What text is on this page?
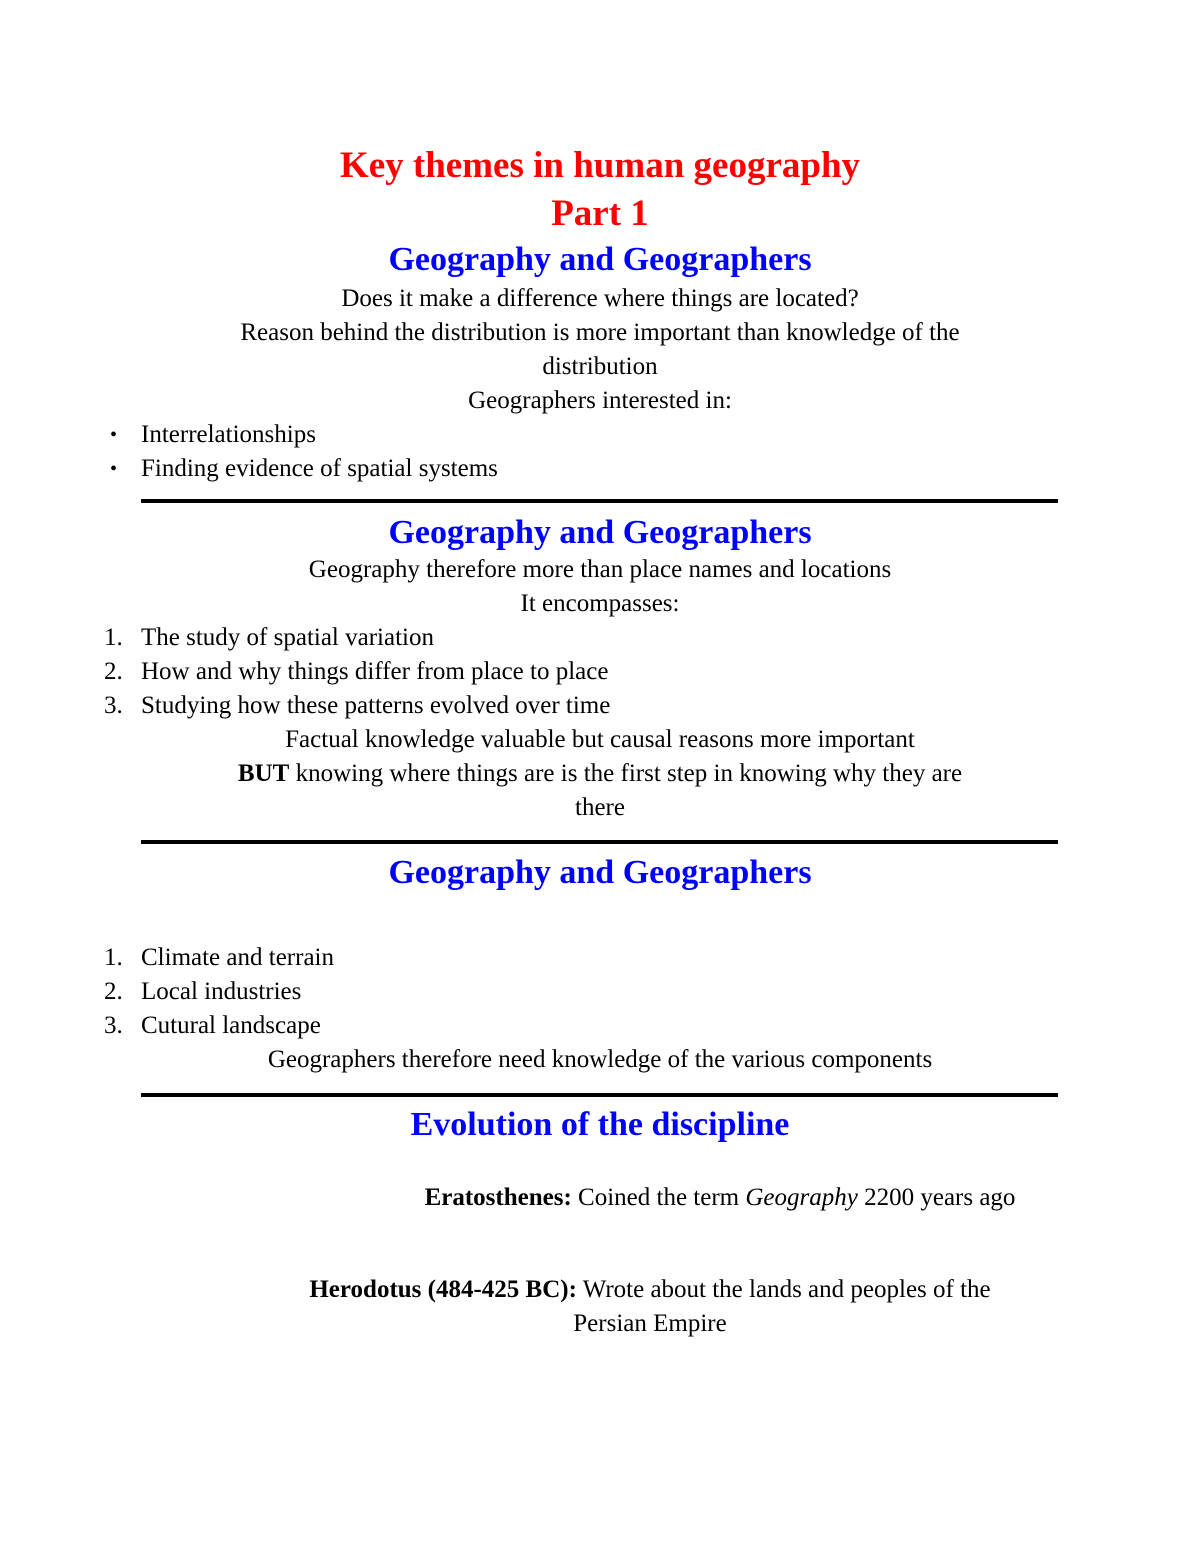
Key themes in human geography

Part 1

Geography and Geographers

Does it make a difference where things are located?

Reason behind the distribution is more important than knowledge of the

distribution

Geographers interested in:

• Interrelationships
• Finding evidence of spatial systems

Geography and Geographers

Geography therefore more than place names and locations

It encompasses:

1. The study of spatial variation
2. How and why things differ from place to place
3. Studying how these patterns evolved over time

Factual knowledge valuable but causal reasons more important

BUT knowing where things are is the first step in knowing why they are

there

Geography and Geographers

1. Climate and terrain
2. Local industries
3. Cutural landscape

Geographers therefore need knowledge of the various components

Evolution of the discipline

Eratosthenes: Coined the term Geography 2200 years ago

Herodotus (484-425 BC): Wrote about the lands and peoples of the

Persian Empire
